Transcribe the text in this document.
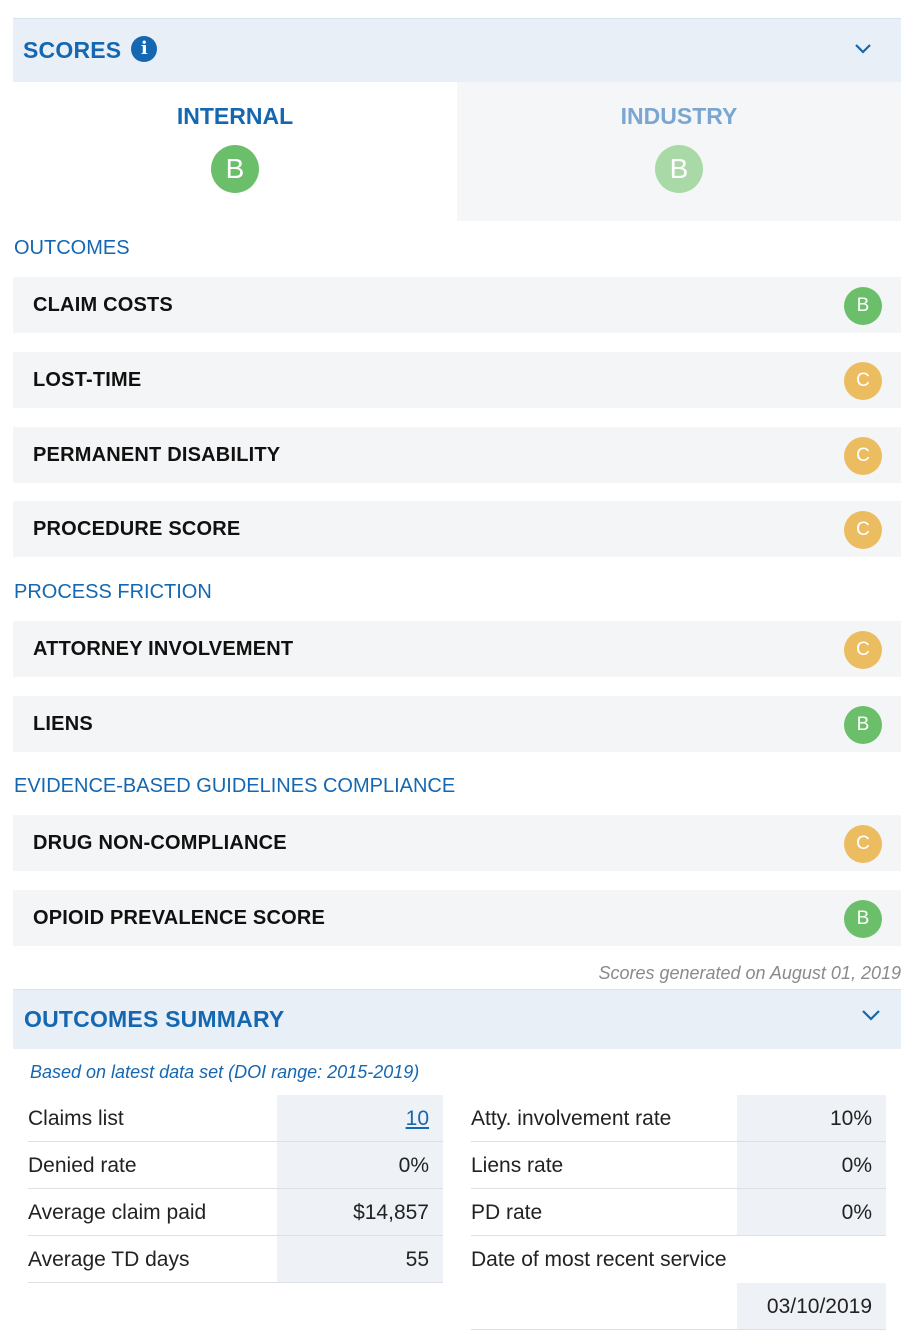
SCORES	i
INTERNAL
B
INDUSTRY
B
OUTCOMES
CLAIM COSTS	B
LOST-TIME	C
PERMANENT DISABILITY	C
PROCEDURE SCORE	C
PROCESS FRICTION
ATTORNEY INVOLVEMENT	C
LIENS	B
EVIDENCE-BASED GUIDELINES COMPLIANCE
DRUG NON-COMPLIANCE	C
OPIOID PREVALENCE SCORE	B
Scores generated on August 01, 2019
OUTCOMES SUMMARY
Based on latest data set (DOI range: 2015-2019)
Claims list	10
Denied rate	0%
Average claim paid	$14,857
Average TD days	55
Atty. involvement rate	10%
Liens rate	0%
PD rate	0%
Date of most recent service
03/10/2019
